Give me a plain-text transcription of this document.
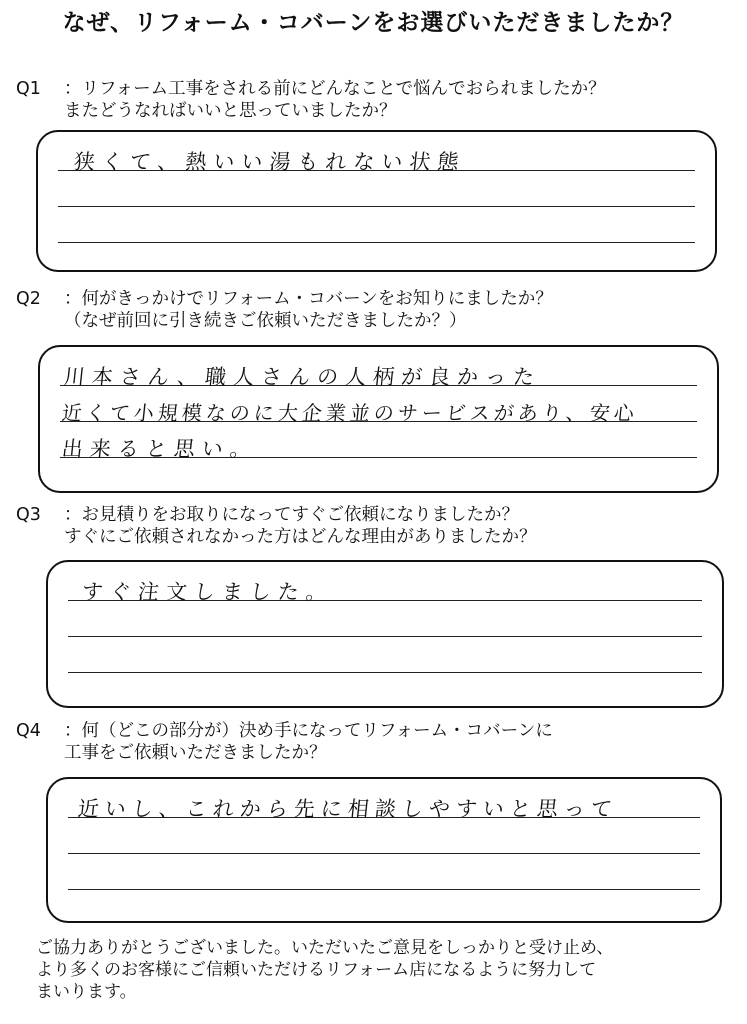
なぜ、リフォーム・コバーンをお選びいただきましたか？
Q1 ：リフォーム工事をされる前にどんなことで悩んでおられましたか？
またどうなればいいと思っていましたか？
狭くて、熱いい湯もれない状態
Q2 ：何がきっかけでリフォーム・コバーンをお知りにましたか？
（なぜ前回に引き続きご依頼いただきましたか？）
川本さん、職人さんの人柄が良かった
近くて小規模なのに大企業並のサービスがあり、安心
出来ると思い。
Q3 ：お見積りをお取りになってすぐご依頼になりましたか？
すぐにご依頼されなかった方はどんな理由がありましたか？
すぐ注文しました。
Q4 ：何（どこの部分が）決め手になってリフォーム・コバーンに
工事をご依頼いただきましたか？
近いし、これから先に相談しやすいと思って
ご協力ありがとうございました。いただいたご意見をしっかりと受け止め、
より多くのお客様にご信頼いただけるリフォーム店になるように努力して
まいります。
